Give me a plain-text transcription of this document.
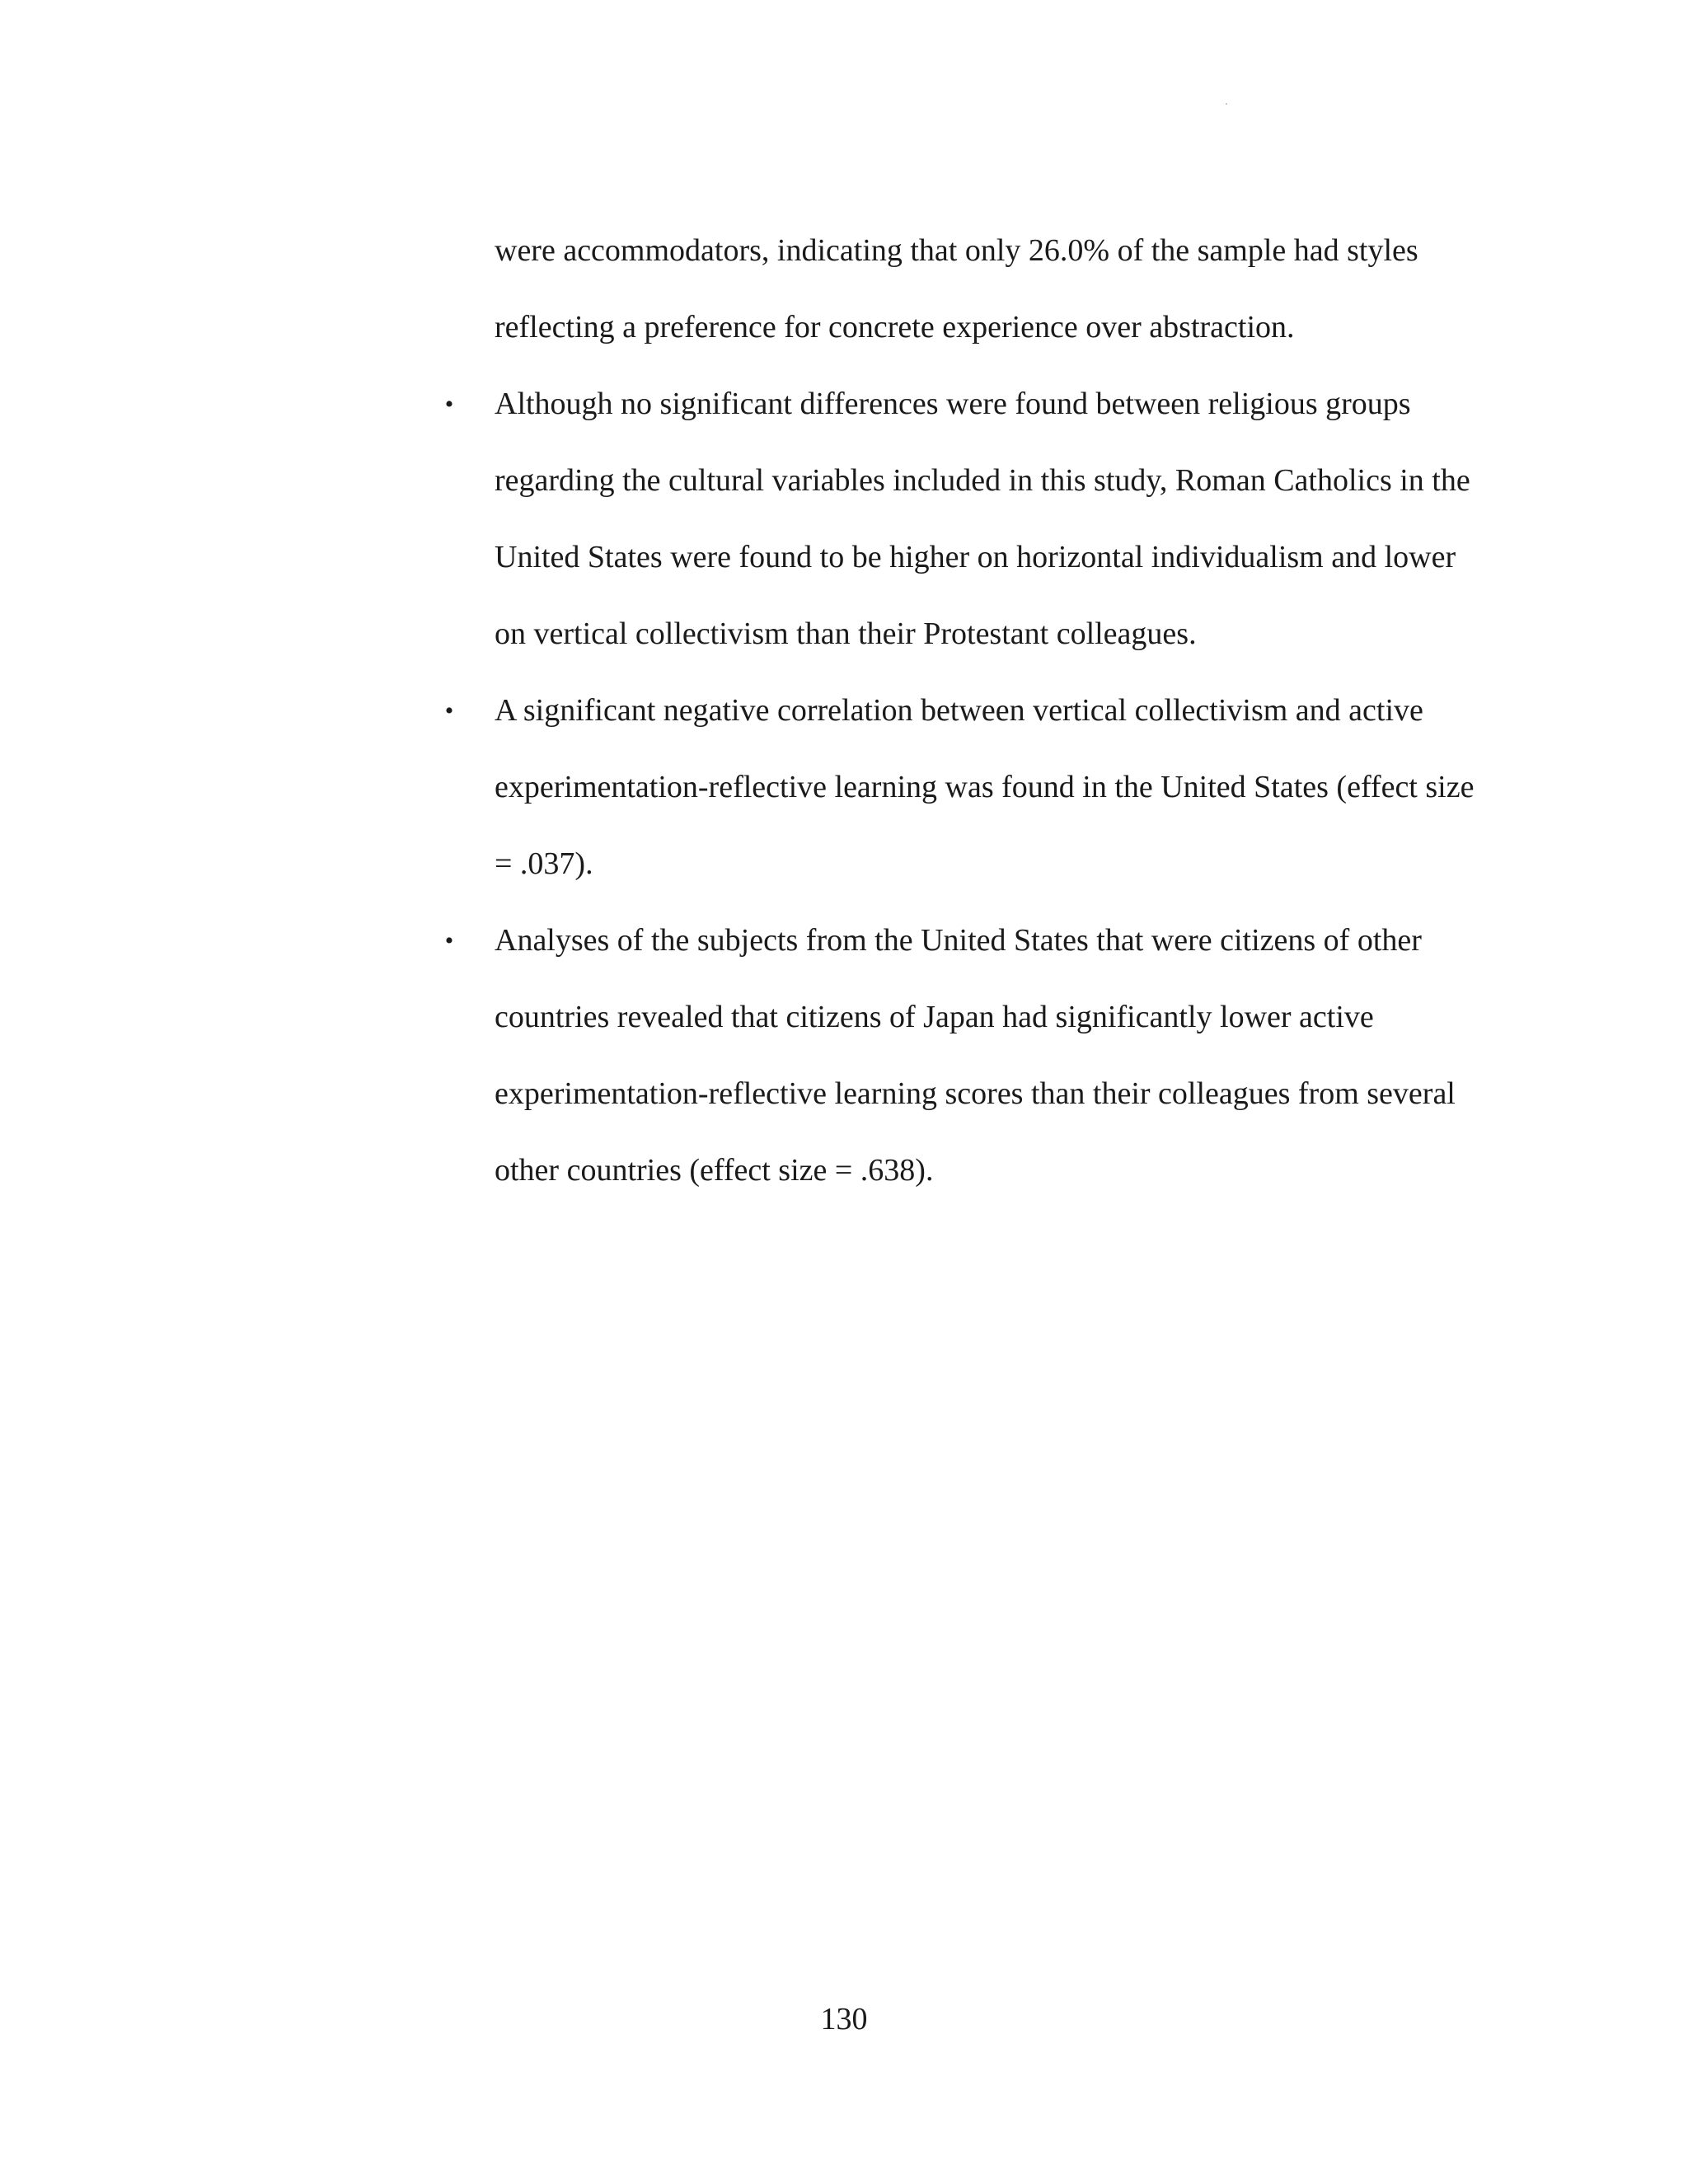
were accommodators, indicating that only 26.0% of the sample had styles reflecting a preference for concrete experience over abstraction.

• Although no significant differences were found between religious groups regarding the cultural variables included in this study, Roman Catholics in the United States were found to be higher on horizontal individualism and lower on vertical collectivism than their Protestant colleagues.
• A significant negative correlation between vertical collectivism and active experimentation-reflective learning was found in the United States (effect size = .037).
• Analyses of the subjects from the United States that were citizens of other countries revealed that citizens of Japan had significantly lower active experimentation-reflective learning scores than their colleagues from several other countries (effect size = .638).
130
